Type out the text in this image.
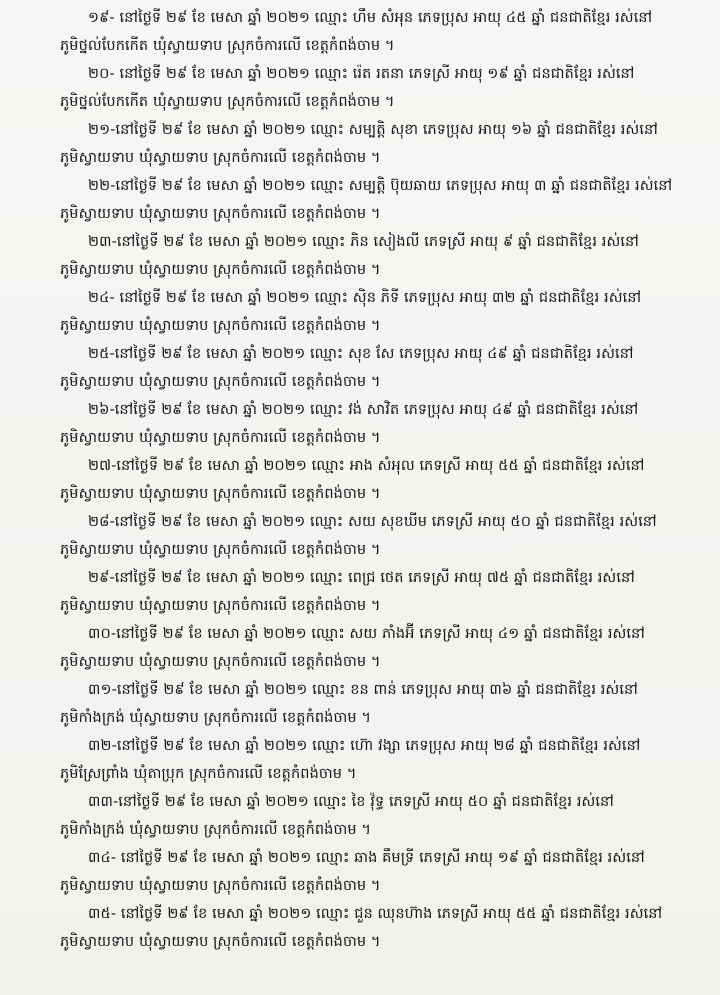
១៩- នៅថ្ងៃទី ២៩ ខែ មេសា ឆ្នាំ ២០២១ ឈ្មោះ ហឹម សំអុន ភេទប្រុស អាយុ ៤៥ ឆ្នាំ ជនជាតិខ្មែរ រស់នៅ
ភូមិថ្នល់បែកកើត ឃុំស្វាយទាប ស្រុកចំការលើ ខេត្តកំពង់ចាម ។
២០- នៅថ្ងៃទី ២៩ ខែ មេសា ឆ្នាំ ២០២១ ឈ្មោះ រ៉េត រតនា ភេទស្រី អាយុ ១៩ ឆ្នាំ ជនជាតិខ្មែរ រស់នៅ
ភូមិថ្នល់បែកកើត ឃុំស្វាយទាប ស្រុកចំការលើ ខេត្តកំពង់ចាម ។
២១-នៅថ្ងៃទី ២៩ ខែ មេសា ឆ្នាំ ២០២១ ឈ្មោះ សម្បត្តិ សុខា ភេទប្រុស អាយុ ១៦ ឆ្នាំ ជនជាតិខ្មែរ រស់នៅ
ភូមិស្វាយទាប ឃុំស្វាយទាប ស្រុកចំការលើ ខេត្តកំពង់ចាម ។
២២-នៅថ្ងៃទី ២៩ ខែ មេសា ឆ្នាំ ២០២១ ឈ្មោះ សម្បត្តិ ប៊ុយឆាយ ភេទប្រុស អាយុ ៣ ឆ្នាំ ជនជាតិខ្មែរ រស់នៅ
ភូមិស្វាយទាប ឃុំស្វាយទាប ស្រុកចំការលើ ខេត្តកំពង់ចាម ។
២៣-នៅថ្ងៃទី ២៩ ខែ មេសា ឆ្នាំ ២០២១ ឈ្មោះ ភិន សៀងលី ភេទស្រី អាយុ ៩ ឆ្នាំ ជនជាតិខ្មែរ រស់នៅ
ភូមិស្វាយទាប ឃុំស្វាយទាប ស្រុកចំការលើ ខេត្តកំពង់ចាម ។
២៤- នៅថ្ងៃទី ២៩ ខែ មេសា ឆ្នាំ ២០២១ ឈ្មោះ ស៊ិន ភិទី ភេទប្រុស អាយុ ៣២ ឆ្នាំ ជនជាតិខ្មែរ រស់នៅ
ភូមិស្វាយទាប ឃុំស្វាយទាប ស្រុកចំការលើ ខេត្តកំពង់ចាម ។
២៥-នៅថ្ងៃទី ២៩ ខែ មេសា ឆ្នាំ ២០២១ ឈ្មោះ សុខ សែ ភេទប្រុស អាយុ ៤៩ ឆ្នាំ ជនជាតិខ្មែរ រស់នៅ
ភូមិស្វាយទាប ឃុំស្វាយទាប ស្រុកចំការលើ ខេត្តកំពង់ចាម ។
២៦-នៅថ្ងៃទី ២៩ ខែ មេសា ឆ្នាំ ២០២១ ឈ្មោះ វង់ សាវិត ភេទប្រុស អាយុ ៤៩ ឆ្នាំ ជនជាតិខ្មែរ រស់នៅ
ភូមិស្វាយទាប ឃុំស្វាយទាប ស្រុកចំការលើ ខេត្តកំពង់ចាម ។
២៧-នៅថ្ងៃទី ២៩ ខែ មេសា ឆ្នាំ ២០២១ ឈ្មោះ អាង សំអុល ភេទស្រី អាយុ ៥៥ ឆ្នាំ ជនជាតិខ្មែរ រស់នៅ
ភូមិស្វាយទាប ឃុំស្វាយទាប ស្រុកចំការលើ ខេត្តកំពង់ចាម ។
២៨-នៅថ្ងៃទី ២៩ ខែ មេសា ឆ្នាំ ២០២១ ឈ្មោះ សយ សុខឃីម ភេទស្រី អាយុ ៥០ ឆ្នាំ ជនជាតិខ្មែរ រស់នៅ
ភូមិស្វាយទាប ឃុំស្វាយទាប ស្រុកចំការលើ ខេត្តកំពង់ចាម ។
២៩-នៅថ្ងៃទី ២៩ ខែ មេសា ឆ្នាំ ២០២១ ឈ្មោះ ពេជ្រ ថេត ភេទស្រី អាយុ ៧៥ ឆ្នាំ ជនជាតិខ្មែរ រស់នៅ
ភូមិស្វាយទាប ឃុំស្វាយទាប ស្រុកចំការលើ ខេត្តកំពង់ចាម ។
៣០-នៅថ្ងៃទី ២៩ ខែ មេសា ឆ្នាំ ២០២១ ឈ្មោះ សយ ភាំងអ៊ី ភេទស្រី អាយុ ៤១ ឆ្នាំ ជនជាតិខ្មែរ រស់នៅ
ភូមិស្វាយទាប ឃុំស្វាយទាប ស្រុកចំការលើ ខេត្តកំពង់ចាម ។
៣១-នៅថ្ងៃទី ២៩ ខែ មេសា ឆ្នាំ ២០២១ ឈ្មោះ ខន ពាន់ ភេទប្រុស អាយុ ៣៦ ឆ្នាំ ជនជាតិខ្មែរ រស់នៅ
ភូមិកាំងក្រង់ ឃុំស្វាយទាប ស្រុកចំការលើ ខេត្តកំពង់ចាម ។
៣២-នៅថ្ងៃទី ២៩ ខែ មេសា ឆ្នាំ ២០២១ ឈ្មោះ ហ៊ោ វង្សា ភេទប្រុស អាយុ ២៨ ឆ្នាំ ជនជាតិខ្មែរ រស់នៅ
ភូមិស្រែព្រាំង ឃុំតាប្រុក ស្រុកចំការលើ ខេត្តកំពង់ចាម ។
៣៣-នៅថ្ងៃទី ២៩ ខែ មេសា ឆ្នាំ ២០២១ ឈ្មោះ ខៃ វ៉ុទ្ធ ភេទស្រី អាយុ ៥០ ឆ្នាំ ជនជាតិខ្មែរ រស់នៅ
ភូមិកាំងក្រង់ ឃុំស្វាយទាប ស្រុកចំការលើ ខេត្តកំពង់ចាម ។
៣៤- នៅថ្ងៃទី ២៩ ខែ មេសា ឆ្នាំ ២០២១ ឈ្មោះ ឆាង គឹមទ្រី ភេទស្រី អាយុ ១៩ ឆ្នាំ ជនជាតិខ្មែរ រស់នៅ
ភូមិស្វាយទាប ឃុំស្វាយទាប ស្រុកចំការលើ ខេត្តកំពង់ចាម ។
៣៥- នៅថ្ងៃទី ២៩ ខែ មេសា ឆ្នាំ ២០២១ ឈ្មោះ ជួន ឈុនហ៊ាង ភេទស្រី អាយុ ៥៥ ឆ្នាំ ជនជាតិខ្មែរ រស់នៅ
ភូមិស្វាយទាប ឃុំស្វាយទាប ស្រុកចំការលើ ខេត្តកំពង់ចាម ។
